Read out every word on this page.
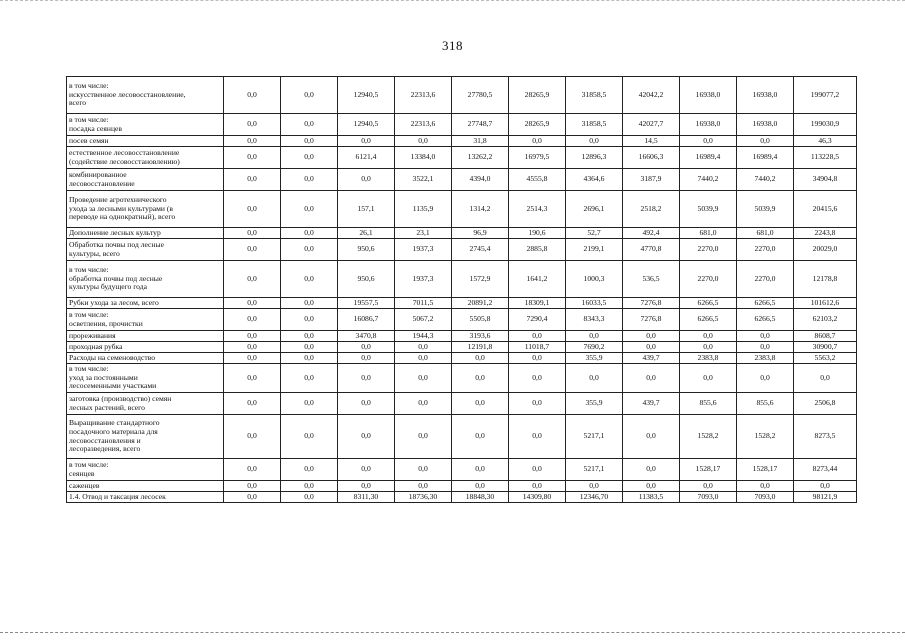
318
в том числе:
искусственное лесовосстановление,
всего	0,0	0,0	12940,5	22313,6	27780,5	28265,9	31858,5	42042,2	16938,0	16938,0	199077,2

в том числе:
посадка сеянцев	0,0	0,0	12940,5	22313,6	27748,7	28265,9	31858,5	42027,7	16938,0	16938,0	199030,9

посев семян	0,0	0,0	0,0	0,0	31,8	0,0	0,0	14,5	0,0	0,0	46,3

естественное лесовосстановление
(содействие лесовосстановлению)	0,0	0,0	6121,4	13384,0	13262,2	16979,5	12896,3	16606,3	16989,4	16989,4	113228,5

комбинированное
лесовосстановление	0,0	0,0	0,0	3522,1	4394,0	4555,8	4364,6	3187,9	7440,2	7440,2	34904,8

Проведение агротехнического
ухода за лесными культурами (в
переводе на однократный), всего	0,0	0,0	157,1	1135,9	1314,2	2514,3	2696,1	2518,2	5039,9	5039,9	20415,6

Дополнение лесных культур	0,0	0,0	26,1	23,1	96,9	190,6	52,7	492,4	681,0	681,0	2243,8

Обработка почвы под лесные
культуры, всего	0,0	0,0	950,6	1937,3	2745,4	2885,8	2199,1	4770,8	2270,0	2270,0	20029,0

в том числе:
обработка почвы под лесные
культуры будущего года	0,0	0,0	950,6	1937,3	1572,9	1641,2	1000,3	536,5	2270,0	2270,0	12178,8

Рубки ухода за лесом, всего	0,0	0,0	19557,5	7011,5	20891,2	18309,1	16033,5	7276,8	6266,5	6266,5	101612,6

в том числе:
осветления, прочистки	0,0	0,0	16086,7	5067,2	5505,8	7290,4	8343,3	7276,8	6266,5	6266,5	62103,2

прореживания	0,0	0,0	3470,8	1944,3	3193,6	0,0	0,0	0,0	0,0	0,0	8608,7

проходная рубка	0,0	0,0	0,0	0,0	12191,8	11018,7	7690,2	0,0	0,0	0,0	30900,7

Расходы на семеноводство	0,0	0,0	0,0	0,0	0,0	0,0	355,9	439,7	2383,8	2383,8	5563,2

в том числе:
уход за постоянными
лесосеменными участками	0,0	0,0	0,0	0,0	0,0	0,0	0,0	0,0	0,0	0,0	0,0

заготовка (производство) семян
лесных растений, всего	0,0	0,0	0,0	0,0	0,0	0,0	355,9	439,7	855,6	855,6	2506,8

Выращивание стандартного
посадочного материала для
лесовосстановления и
лесоразведения, всего	0,0	0,0	0,0	0,0	0,0	0,0	5217,1	0,0	1528,2	1528,2	8273,5

в том числе:
сеянцев	0,0	0,0	0,0	0,0	0,0	0,0	5217,1	0,0	1528,17	1528,17	8273,44

саженцев	0,0	0,0	0,0	0,0	0,0	0,0	0,0	0,0	0,0	0,0	0,0

1.4. Отвод и таксация лесосек	0,0	0,0	8311,30	18736,30	18848,30	14309,80	12346,70	11383,5	7093,0	7093,0	98121,9
